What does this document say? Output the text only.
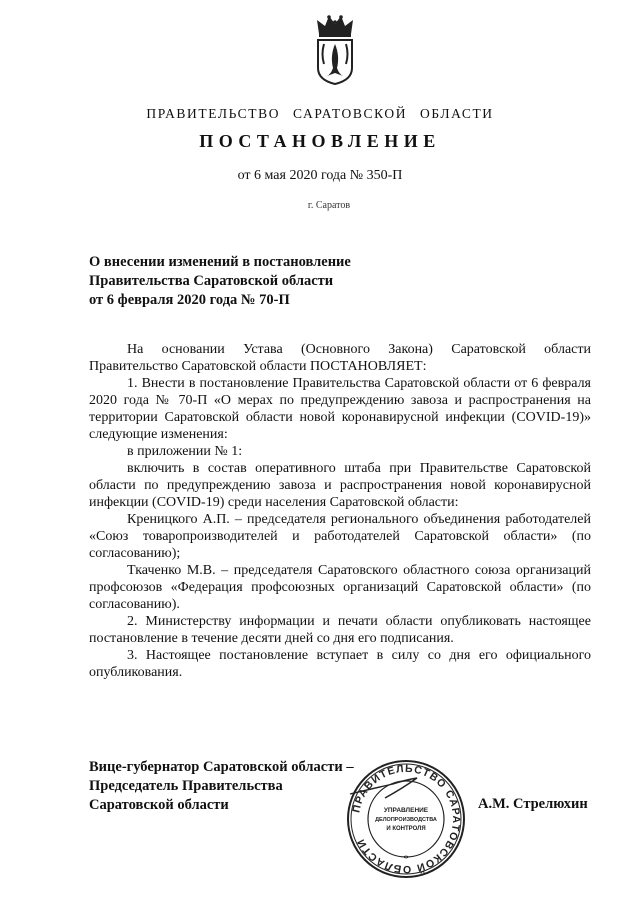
ПРАВИТЕЛЬСТВО САРАТОВСКОЙ ОБЛАСТИ
ПОСТАНОВЛЕНИЕ
от 6 мая 2020 года № 350-П
г. Саратов
О внесении изменений в постановление
Правительства Саратовской области
от 6 февраля 2020 года № 70-П

На основании Устава (Основного Закона) Саратовской области Правительство Саратовской области ПОСТАНОВЛЯЕТ:

1. Внести в постановление Правительства Саратовской области от 6 февраля 2020 года № 70-П «О мерах по предупреждению завоза и распространения на территории Саратовской области новой коронавирусной инфекции (COVID-19)» следующие изменения:

в приложении № 1:

включить в состав оперативного штаба при Правительстве Саратовской области по предупреждению завоза и распространения новой коронавирусной инфекции (COVID-19) среди населения Саратовской области:

Креницкого А.П. – председателя регионального объединения работодателей «Союз товаропроизводителей и работодателей Саратовской области» (по согласованию);

Ткаченко М.В. – председателя Саратовского областного союза организаций профсоюзов «Федерация профсоюзных организаций Саратовской области» (по согласованию).

2. Министерству информации и печати области опубликовать настоящее постановление в течение десяти дней со дня его подписания.

3. Настоящее постановление вступает в силу со дня его официального опубликования.

Вице-губернатор Саратовской области –
Председатель Правительства
Саратовской области	ПРАВИТЕЛЬСТВО САРАТОВСКОЙ ОБЛАСТИ
УПРАВЛЕНИЕ
ДЕЛОПРОИЗВОДСТВА
И КОНТРОЛЯ
*
А.М. Стрелюхин
